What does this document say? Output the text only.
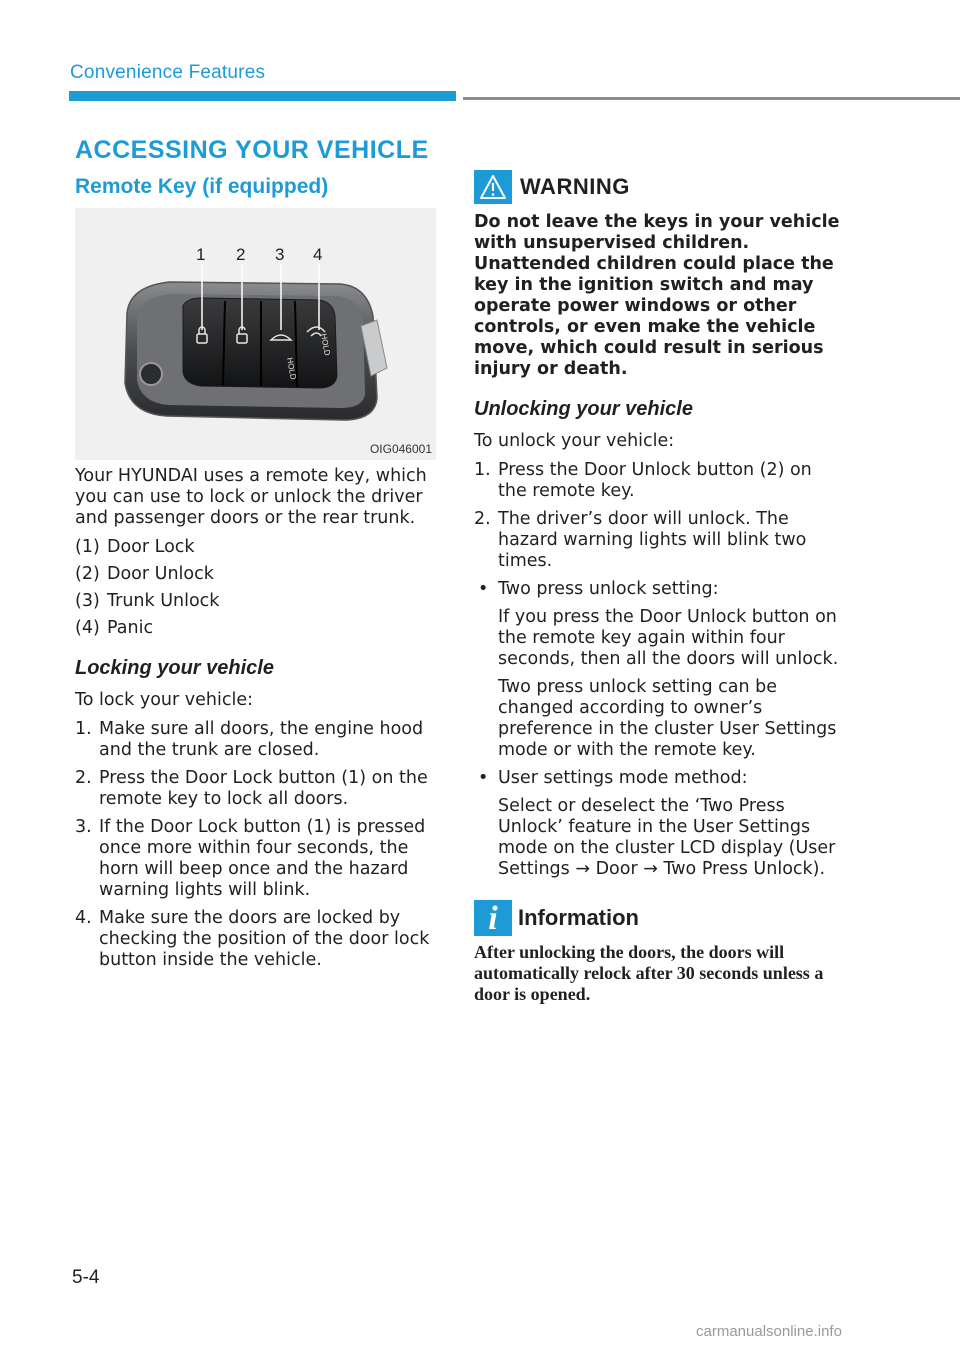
Convenience Features
ACCESSING YOUR VEHICLE
Remote Key (if equipped)
HOLD
HOLD
1 2 3 4
OIG046001

Your HYUNDAI uses a remote key, which you can use to lock or unlock the driver and passenger doors or the rear trunk.

(1) Door Lock
(2) Door Unlock
(3) Trunk Unlock
(4) Panic
Locking your vehicle

To lock your vehicle:

1. Make sure all doors, the engine hood and the trunk are closed.
2. Press the Door Lock button (1) on the remote key to lock all doors.
3. If the Door Lock button (1) is pressed once more within four seconds, the horn will beep once and the hazard warning lights will blink.
4. Make sure the doors are locked by checking the position of the door lock button inside the vehicle.
WARNING

Do not leave the keys in your vehicle with unsupervised children. Unattended children could place the key in the ignition switch and may operate power windows or other controls, or even make the vehicle move, which could result in serious injury or death.

Unlocking your vehicle

To unlock your vehicle:

1. Press the Door Unlock button (2) on the remote key.
2. The driver’s door will unlock. The hazard warning lights will blink two times.
• Two press unlock setting:
If you press the Door Unlock button on the remote key again within four seconds, then all the doors will unlock.
Two press unlock setting can be changed according to owner’s preference in the cluster User Settings mode or with the remote key.
• User settings mode method:
Select or deselect the ‘Two Press Unlock’ feature in the User Settings mode on the cluster LCD display (User Settings → Door → Two Press Unlock).
i Information

After unlocking the doors, the doors will automatically relock after 30 seconds unless a door is opened.

5-4
carmanualsonline.info
